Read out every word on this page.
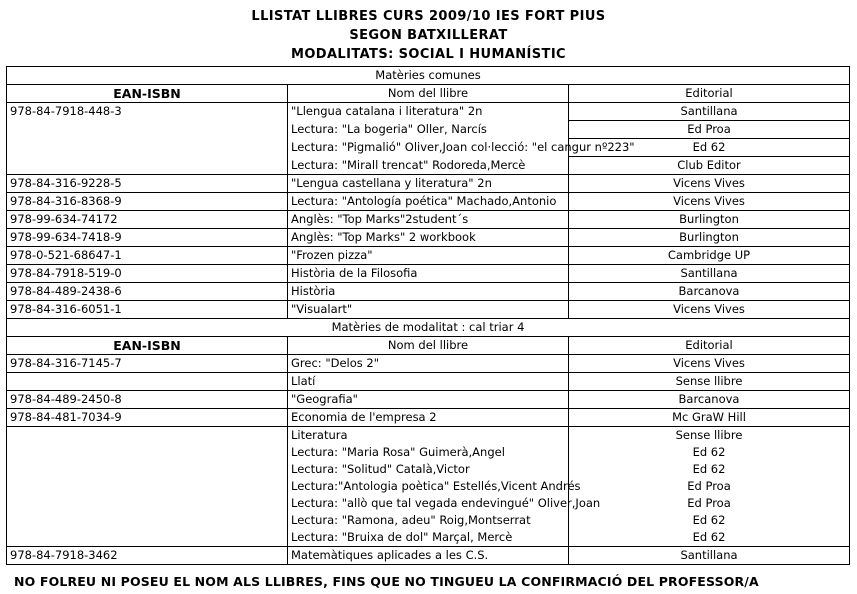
LLISTAT LLIBRES CURS 2009/10 IES FORT PIUS
SEGON BATXILLERAT
MODALITATS: SOCIAL I HUMANÍSTIC
Matèries comunes		
EAN-ISBN	Nom del llibre	Editorial
978-84-7918-448-3	"Llengua catalana i literatura" 2n	Santillana
	Lectura: "La bogeria" Oller, Narcís	Ed Proa
	Lectura: "Pigmalió" Oliver,Joan col·lecció: "el cangur nº223"	Ed 62
	Lectura: "Mirall trencat" Rodoreda,Mercè	Club Editor
978-84-316-9228-5	"Lengua castellana y literatura" 2n	Vicens Vives
978-84-316-8368-9	Lectura: "Antología poética" Machado,Antonio	Vicens Vives
978-99-634-74172	Anglès: "Top Marks"2student´s	Burlington
978-99-634-7418-9	Anglès: "Top Marks" 2 workbook	Burlington
978-0-521-68647-1	"Frozen pizza"	Cambridge UP
978-84-7918-519-0	Història de la Filosofia	Santillana
978-84-489-2438-6	Història	Barcanova
978-84-316-6051-1	"Visualart"	Vicens Vives
Matèries de modalitat : cal triar 4		
EAN-ISBN	Nom del llibre	Editorial
978-84-316-7145-7	Grec: "Delos 2"	Vicens Vives
	Llatí	Sense llibre
978-84-489-2450-8	"Geografia"	Barcanova
978-84-481-7034-9	Economia de l'empresa 2	Mc GraW Hill
	Literatura	Sense llibre
	Lectura: "Maria Rosa" Guimerà,Angel	Ed 62
	Lectura: "Solitud" Català,Victor	Ed 62
	Lectura:"Antologia poètica" Estellés,Vicent Andrés	Ed Proa
	Lectura: "allò que tal vegada endevingué" Oliver,Joan	Ed Proa
	Lectura: "Ramona, adeu" Roig,Montserrat	Ed 62
	Lectura: "Bruixa de dol" Marçal, Mercè	Ed 62
978-84-7918-3462	Matemàtiques aplicades a les C.S.	Santillana
NO FOLREU NI POSEU EL NOM ALS LLIBRES, FINS QUE NO TINGUEU LA CONFIRMACIÓ DEL PROFESSOR/A
